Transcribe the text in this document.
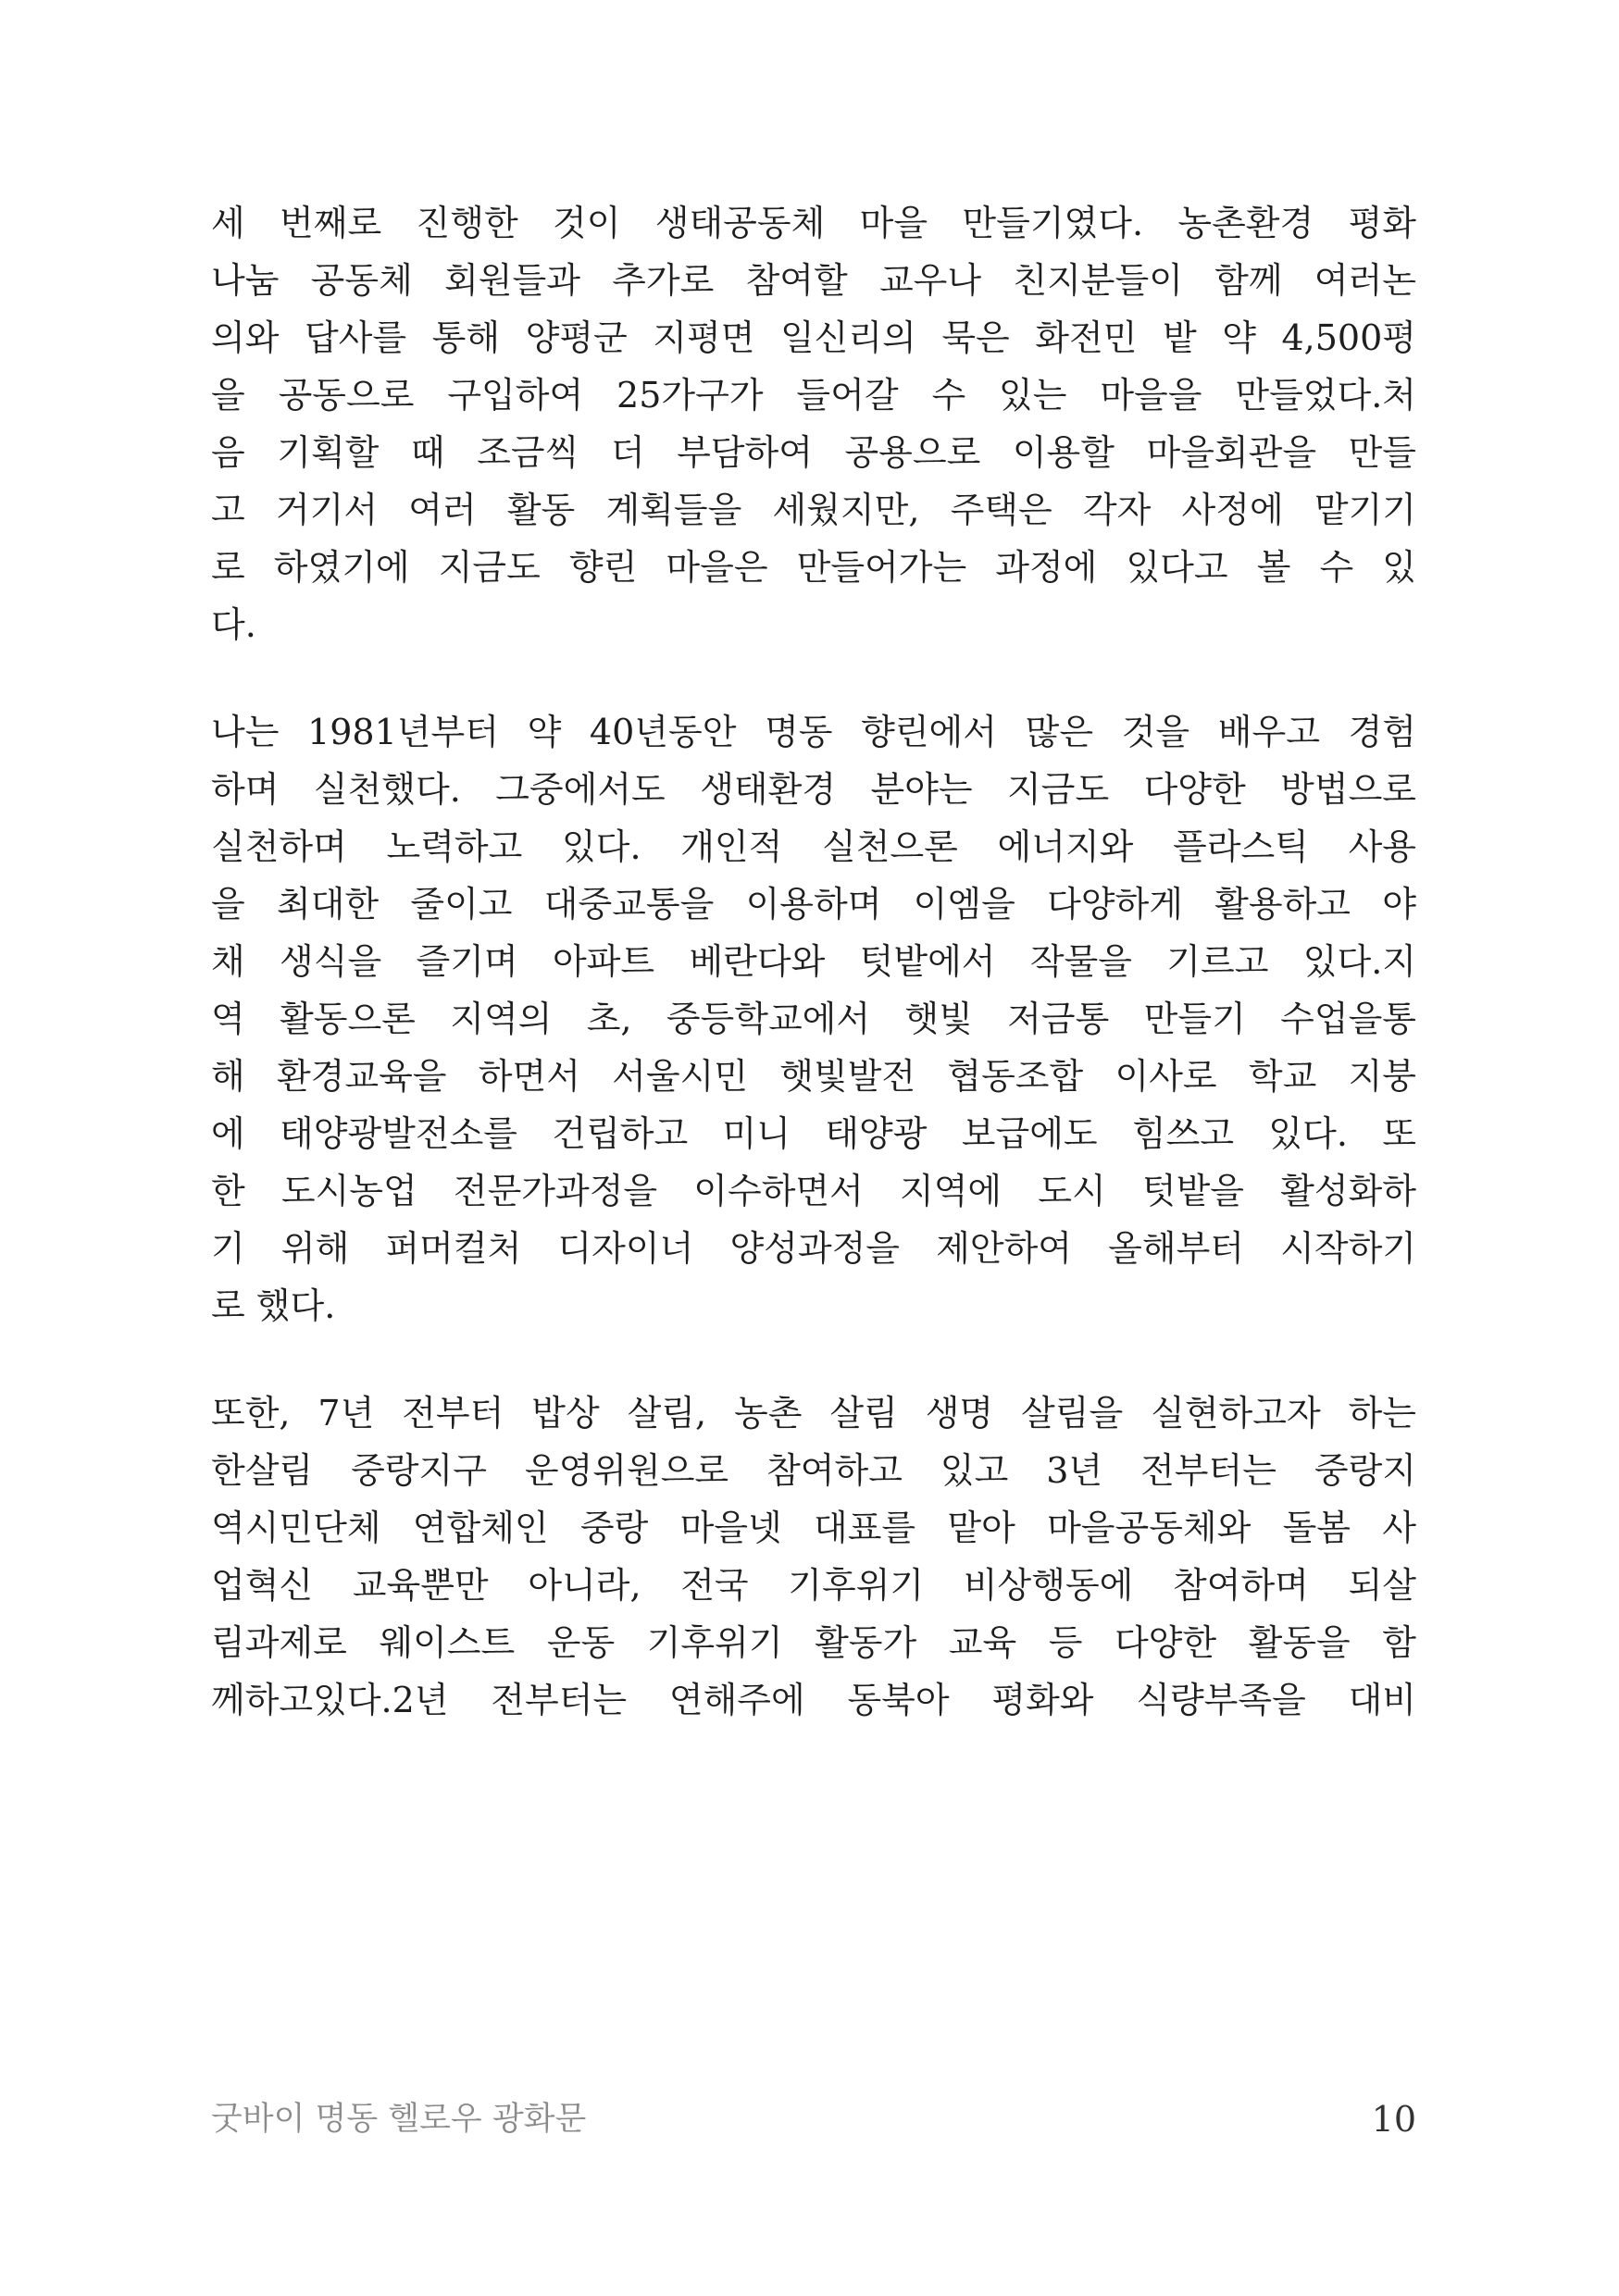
세 번째로 진행한 것이 생태공동체 마을 만들기였다. 농촌환경 평화
나눔 공동체 회원들과 추가로 참여할 교우나 친지분들이 함께 여러논
의와 답사를 통해 양평군 지평면 일신리의 묵은 화전민 밭 약 4,500평
을 공동으로 구입하여 25가구가 들어갈 수 있는 마을을 만들었다.처
음 기획할 때 조금씩 더 부담하여 공용으로 이용할 마을회관을 만들
고 거기서 여러 활동 계획들을 세웠지만, 주택은 각자 사정에 맡기기
로 하였기에 지금도 향린 마을은 만들어가는 과정에 있다고 볼 수 있
다.
나는 1981년부터 약 40년동안 명동 향린에서 많은 것을 배우고 경험
하며 실천했다. 그중에서도 생태환경 분야는 지금도 다양한 방법으로
실천하며 노력하고 있다. 개인적 실천으론 에너지와 플라스틱 사용
을 최대한 줄이고 대중교통을 이용하며 이엠을 다양하게 활용하고 야
채 생식을 즐기며 아파트 베란다와 텃밭에서 작물을 기르고 있다.지
역 활동으론 지역의 초, 중등학교에서 햇빛 저금통 만들기 수업을통
해 환경교육을 하면서 서울시민 햇빛발전 협동조합 이사로 학교 지붕
에 태양광발전소를 건립하고 미니 태양광 보급에도 힘쓰고 있다. 또
한 도시농업 전문가과정을 이수하면서 지역에 도시 텃밭을 활성화하
기 위해 퍼머컬처 디자이너 양성과정을 제안하여 올해부터 시작하기
로 했다.
또한, 7년 전부터 밥상 살림, 농촌 살림 생명 살림을 실현하고자 하는
한살림 중랑지구 운영위원으로 참여하고 있고 3년 전부터는 중랑지
역시민단체 연합체인 중랑 마을넷 대표를 맡아 마을공동체와 돌봄 사
업혁신 교육뿐만 아니라, 전국 기후위기 비상행동에 참여하며 되살
림과제로 웨이스트 운동 기후위기 활동가 교육 등 다양한 활동을 함
께하고있다.2년 전부터는 연해주에 동북아 평화와 식량부족을 대비
굿바이 명동 헬로우 광화문	10
